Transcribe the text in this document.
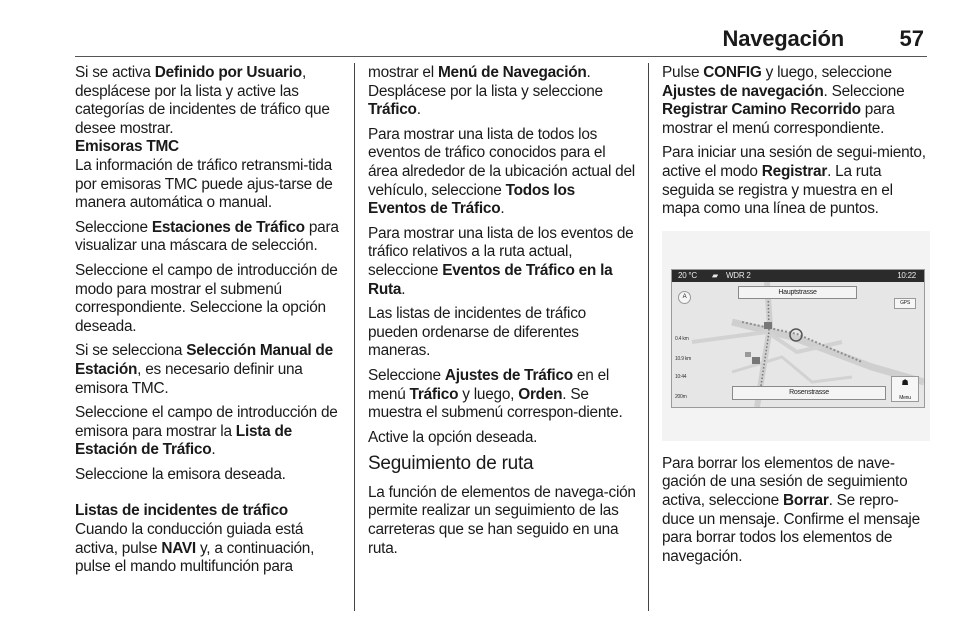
Navegación	57

Si se activa Definido por Usuario, desplácese por la lista y active las categorías de incidentes de tráfico que desee mostrar.

Emisoras TMC

La información de tráfico retransmi-tida por emisoras TMC puede ajus-tarse de manera automática o manual.

Seleccione Estaciones de Tráfico para visualizar una máscara de selección.

Seleccione el campo de introducción de modo para mostrar el submenú correspondiente. Seleccione la opción deseada.

Si se selecciona Selección Manual de Estación, es necesario definir una emisora TMC.

Seleccione el campo de introducción de emisora para mostrar la Lista de Estación de Tráfico.

Seleccione la emisora deseada.

Listas de incidentes de tráfico

Cuando la conducción guiada está activa, pulse NAVI y, a continuación, pulse el mando multifunción para

mostrar el Menú de Navegación. Desplácese por la lista y seleccione Tráfico.

Para mostrar una lista de todos los eventos de tráfico conocidos para el área alrededor de la ubicación actual del vehículo, seleccione Todos los Eventos de Tráfico.

Para mostrar una lista de los eventos de tráfico relativos a la ruta actual, seleccione Eventos de Tráfico en la Ruta.

Las listas de incidentes de tráfico pueden ordenarse de diferentes maneras.

Seleccione Ajustes de Tráfico en el menú Tráfico y luego, Orden. Se muestra el submenú correspon-diente.

Active la opción deseada.

Seguimiento de ruta

La función de elementos de navega-ción permite realizar un seguimiento de las carreteras que se han seguido en una ruta.

Pulse CONFIG y luego, seleccione Ajustes de navegación. Seleccione Registrar Camino Recorrido para mostrar el menú correspondiente.

Para iniciar una sesión de segui-miento, active el modo Registrar. La ruta seguida se registra y muestra en el mapa como una línea de puntos.

20 °C ▰ WDR 2	10:22
Hauptstrasse
Rosenstrasse
A
GPS
☗
Menu
0.4 km
10.9 km
10:44
200m

Para borrar los elementos de nave-gación de una sesión de seguimiento activa, seleccione Borrar. Se repro-duce un mensaje. Confirme el mensaje para borrar todos los elementos de navegación.
